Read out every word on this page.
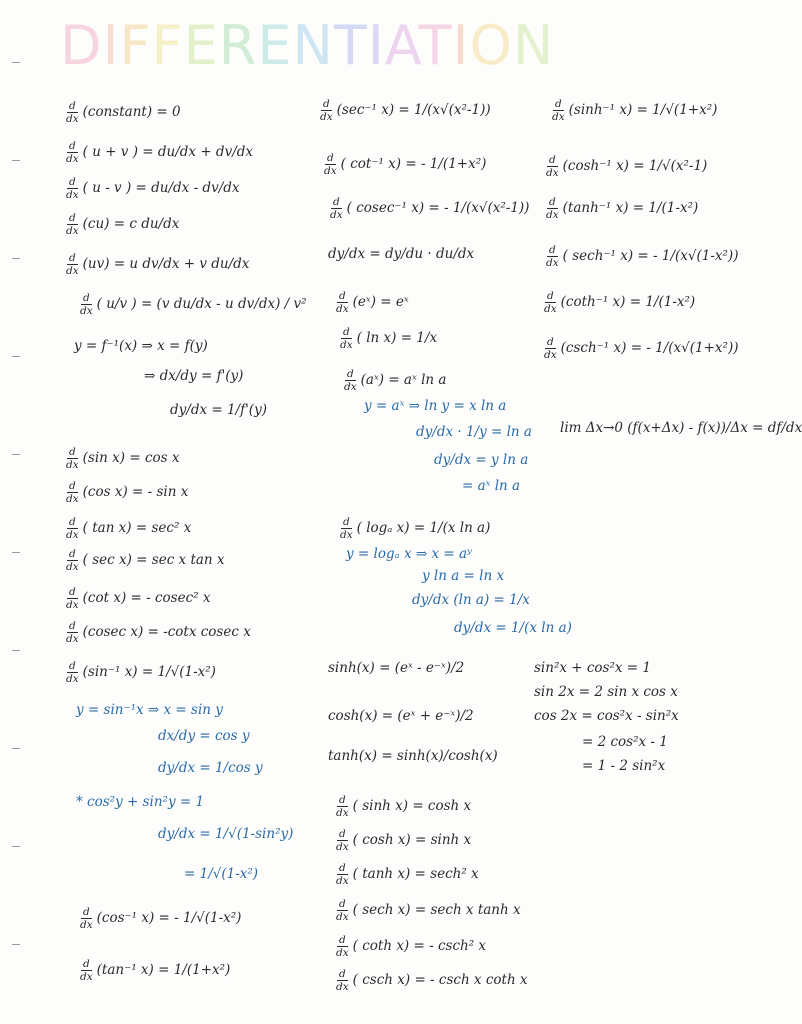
DIFFERENTIATION
$\frac{d}{dx}$ (constant) = 0
$\frac{d}{dx}$ ( u + v ) = du/dx + dv/dx
$\frac{d}{dx}$ ( u - v ) = du/dx - dv/dx
$\frac{d}{dx} (cu) = c$ du/dx
$\frac{d}{dx} (uv) = u$ dv/dx + v du/dx
$\frac{d}{dx}$ ( u/v ) = (v du/dx - u dv/dx) / v²
y = f⁻¹(x) ⇒ x = f(y)
⇒ dx/dy = f'(y)
dy/dx = 1/f'(y)
$\frac{d}{dx} (\sin$ x) = cos x
$\frac{d}{dx} (\cos$ x) = - sin x
$\frac{d}{dx}$ ( tan x) = sec² x
$\frac{d}{dx}$ ( sec x) = sec x tan x
$\frac{d}{dx} (\cot$ x) = - cosec² x
$\frac{d}{dx} (cosec$ x) = -cotx cosec x
$\frac{d}{dx} (\sin^{-1}$ x) = 1/√(1-x²)
y = sin⁻¹x ⇒ x = sin y
dx/dy = cos y
dy/dx = 1/cos y
* cos²y + sin²y = 1
dy/dx = 1/√(1-sin²y)
= 1/√(1-x²)
$\frac{d}{dx} (\cos^{-1}$ x) = - 1/√(1-x²)
$\frac{d}{dx} (\tan^{-1}$ x) = 1/(1+x²)
$\frac{d}{dx} (\sec^{-1}$ x) = 1/(x√(x²-1))
$\frac{d}{dx}$ ( cot⁻¹ x) = - 1/(1+x²)
$\frac{d}{dx}$ ( cosec⁻¹ x) = - 1/(x√(x²-1))
dy/dx = dy/du · du/dx
$\frac{d}{dx}$ (eˣ) = eˣ
$\frac{d}{dx}$ ( ln x) = 1/x
$\frac{d}{dx}$ (aˣ) = aˣ ln a
y = aˣ ⇒ ln y = x ln a
dy/dx · 1/y = ln a
dy/dx = y ln a
= aˣ ln a
$\frac{d}{dx}$ ( logₐ x) = 1/(x ln a)
y = logₐ x ⇒ x = aʸ
y ln a = ln x
dy/dx (ln a) = 1/x
dy/dx = 1/(x ln a)
sinh(x) = (eˣ - e⁻ˣ)/2
cosh(x) = (eˣ + e⁻ˣ)/2
tanh(x) = sinh(x)/cosh(x)
$\frac{d}{dx}$ ( sinh x) = cosh x
$\frac{d}{dx}$ ( cosh x) = sinh x
$\frac{d}{dx}$ ( tanh x) = sech² x
$\frac{d}{dx}$ ( sech x) = sech x tanh x
$\frac{d}{dx}$ ( coth x) = - csch² x
$\frac{d}{dx}$ ( csch x) = - csch x coth x
$\frac{d}{dx} (\sinh^{-1}$ x) = 1/√(1+x²)
$\frac{d}{dx} (\cosh^{-1}$ x) = 1/√(x²-1)
$\frac{d}{dx} (\tanh^{-1}$ x) = 1/(1-x²)
$\frac{d}{dx}$ ( sech⁻¹ x) = - 1/(x√(1-x²))
$\frac{d}{dx} (\cot h^{-1}$ x) = 1/(1-x²)
$\frac{d}{dx} (\csc h^{-1}$ x) = - 1/(x√(1+x²))
lim Δx→0 (f(x+Δx) - f(x))/Δx = df/dx
sin²x + cos²x = 1
sin 2x = 2 sin x cos x
cos 2x = cos²x - sin²x
= 2 cos²x - 1
= 1 - 2 sin²x
